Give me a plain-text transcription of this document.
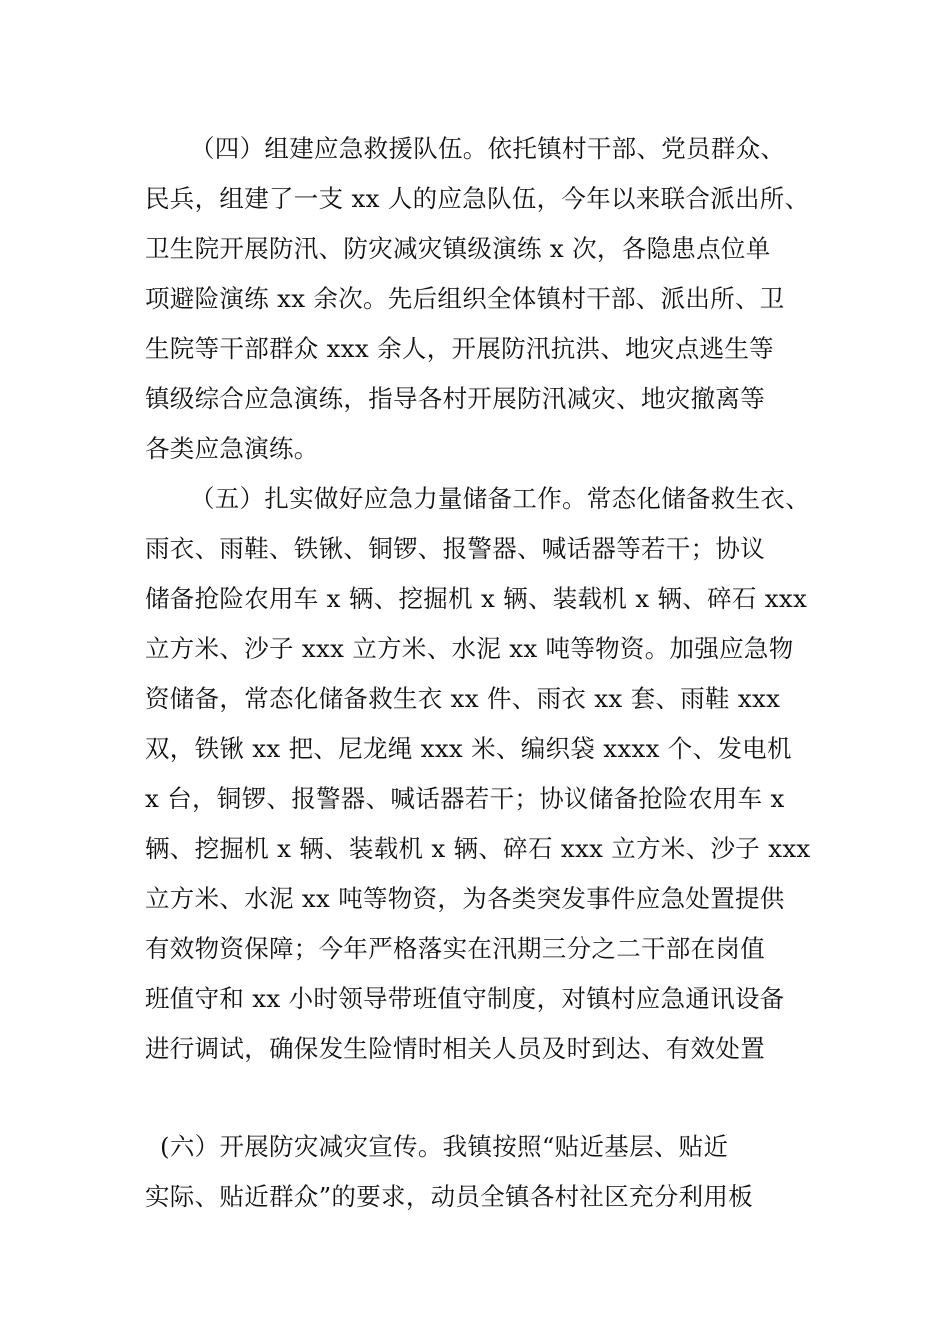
（四）组建应急救援队伍。依托镇村干部、党员群众、
民兵，组建了一支 xx 人的应急队伍，今年以来联合派出所、
卫生院开展防汛、防灾减灾镇级演练 x 次，各隐患点位单
项避险演练 xx 余次。先后组织全体镇村干部、派出所、卫
生院等干部群众 xxx 余人，开展防汛抗洪、地灾点逃生等
镇级综合应急演练，指导各村开展防汛减灾、地灾撤离等
各类应急演练。
（五）扎实做好应急力量储备工作。常态化储备救生衣、
雨衣、雨鞋、铁锹、铜锣、报警器、喊话器等若干；协议
储备抢险农用车 x 辆、挖掘机 x 辆、装载机 x 辆、碎石 xxx
立方米、沙子 xxx 立方米、水泥 xx 吨等物资。加强应急物
资储备，常态化储备救生衣 xx 件、雨衣 xx 套、雨鞋 xxx
双，铁锹 xx 把、尼龙绳 xxx 米、编织袋 xxxx 个、发电机
x 台，铜锣、报警器、喊话器若干；协议储备抢险农用车 x
辆、挖掘机 x 辆、装载机 x 辆、碎石 xxx 立方米、沙子 xxx
立方米、水泥 xx 吨等物资，为各类突发事件应急处置提供
有效物资保障；今年严格落实在汛期三分之二干部在岗值
班值守和 xx 小时领导带班值守制度，对镇村应急通讯设备
进行调试，确保发生险情时相关人员及时到达、有效处置
(六）开展防灾减灾宣传。我镇按照“贴近基层、贴近
实际、贴近群众”的要求，动员全镇各村社区充分利用板
